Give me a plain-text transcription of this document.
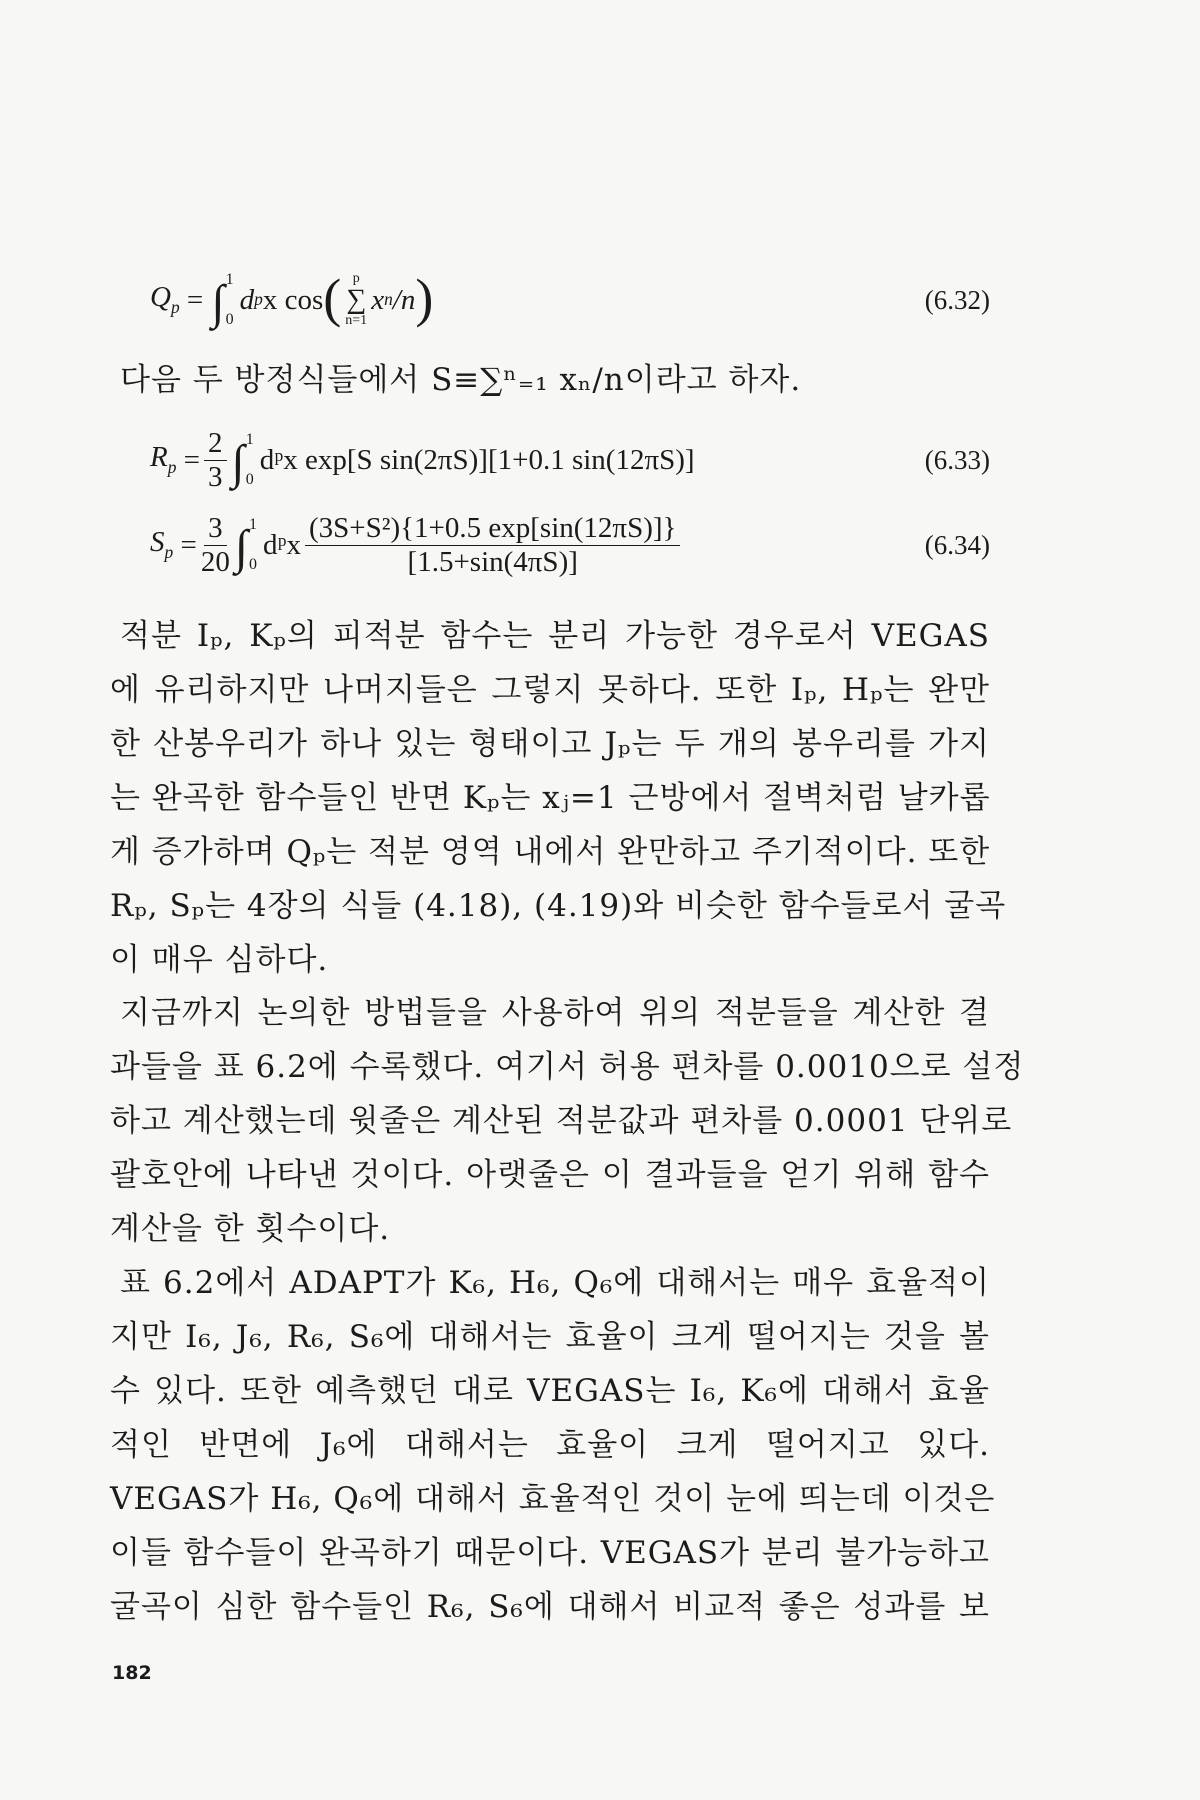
$Q_p$ = ∫ 1
0
d p x cos ( p
∑
n=1
x n /n )	(6.32)
다음 두 방정식들에서 S≡∑ⁿ₌₁ xₙ/n이라고 하자.
$R_p = \frac{2}{3}$ ∫ 1
0
dᵖx exp[S sin(2πS)][1+0.1 sin(12πS)]	(6.33)
$S_p = \frac{3}{20}$ ∫ 1
0
dᵖx $\frac{\text{(3S+S²)\{1+0.5 exp[sin(12πS)]\}}}{[1.5+\sin(4\pi S)]}$	(6.34)
적분 Iₚ, Kₚ의 피적분 함수는 분리 가능한 경우로서 VEGAS
에 유리하지만 나머지들은 그렇지 못하다. 또한 Iₚ, Hₚ는 완만
한 산봉우리가 하나 있는 형태이고 Jₚ는 두 개의 봉우리를 가지
는 완곡한 함수들인 반면 Kₚ는 xⱼ=1 근방에서 절벽처럼 날카롭
게 증가하며 Qₚ는 적분 영역 내에서 완만하고 주기적이다. 또한
Rₚ, Sₚ는 4장의 식들 (4.18), (4.19)와 비슷한 함수들로서 굴곡
이 매우 심하다.
지금까지 논의한 방법들을 사용하여 위의 적분들을 계산한 결
과들을 표 6.2에 수록했다. 여기서 허용 편차를 0.0010으로 설정
하고 계산했는데 윗줄은 계산된 적분값과 편차를 0.0001 단위로
괄호안에 나타낸 것이다. 아랫줄은 이 결과들을 얻기 위해 함수
계산을 한 횟수이다.
표 6.2에서 ADAPT가 K₆, H₆, Q₆에 대해서는 매우 효율적이
지만 I₆, J₆, R₆, S₆에 대해서는 효율이 크게 떨어지는 것을 볼
수 있다. 또한 예측했던 대로 VEGAS는 I₆, K₆에 대해서 효율
적인 반면에 J₆에 대해서는 효율이 크게 떨어지고 있다.
VEGAS가 H₆, Q₆에 대해서 효율적인 것이 눈에 띄는데 이것은
이들 함수들이 완곡하기 때문이다. VEGAS가 분리 불가능하고
굴곡이 심한 함수들인 R₆, S₆에 대해서 비교적 좋은 성과를 보
182
